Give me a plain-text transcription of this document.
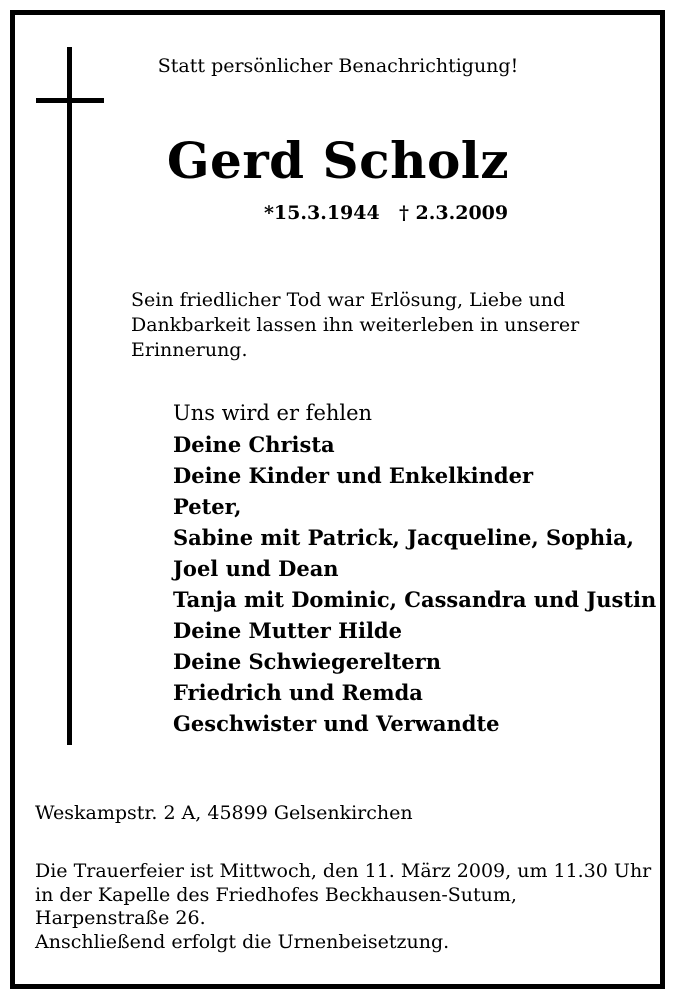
Statt persönlicher Benachrichtigung!
Gerd Scholz
*15.3.1944 † 2.3.2009
Sein friedlicher Tod war Erlösung, Liebe und
Dankbarkeit lassen ihn weiterleben in unserer
Erinnerung.
Uns wird er fehlen
Deine Christa
Deine Kinder und Enkelkinder
Peter,
Sabine mit Patrick, Jacqueline, Sophia,
Joel und Dean
Tanja mit Dominic, Cassandra und Justin
Deine Mutter Hilde
Deine Schwiegereltern
Friedrich und Remda
Geschwister und Verwandte
Weskampstr. 2 A, 45899 Gelsenkirchen
Die Trauerfeier ist Mittwoch, den 11. März 2009, um 11.30 Uhr
in der Kapelle des Friedhofes Beckhausen-Sutum,
Harpenstraße 26.
Anschließend erfolgt die Urnenbeisetzung.
